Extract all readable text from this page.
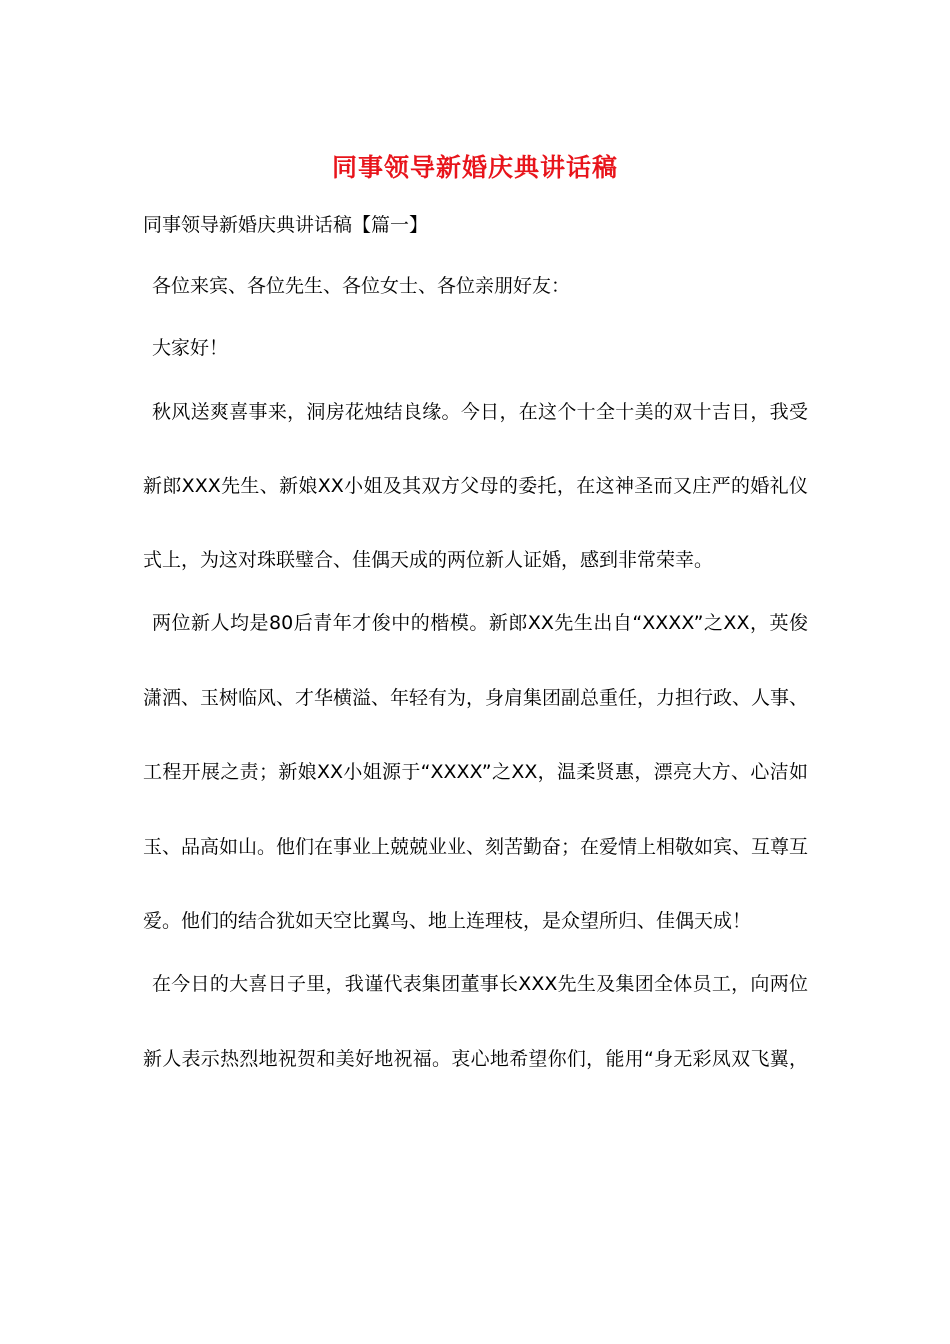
同事领导新婚庆典讲话稿
同事领导新婚庆典讲话稿【篇一】
各位来宾、各位先生、各位女士、各位亲朋好友：
大家好！
秋风送爽喜事来，洞房花烛结良缘。今日，在这个十全十美的双十吉日，我受
新郎XXX先生、新娘XX小姐及其双方父母的委托，在这神圣而又庄严的婚礼仪
式上，为这对珠联璧合、佳偶天成的两位新人证婚，感到非常荣幸。
两位新人均是80后青年才俊中的楷模。新郎XX先生出自“XXXX”之XX，英俊
潇洒、玉树临风、才华横溢、年轻有为，身肩集团副总重任，力担行政、人事、
工程开展之责；新娘XX小姐源于“XXXX”之XX，温柔贤惠，漂亮大方、心洁如
玉、品高如山。他们在事业上兢兢业业、刻苦勤奋；在爱情上相敬如宾、互尊互
爱。他们的结合犹如天空比翼鸟、地上连理枝，是众望所归、佳偶天成！
在今日的大喜日子里，我谨代表集团董事长XXX先生及集团全体员工，向两位
新人表示热烈地祝贺和美好地祝福。衷心地希望你们，能用“身无彩凤双飞翼，
